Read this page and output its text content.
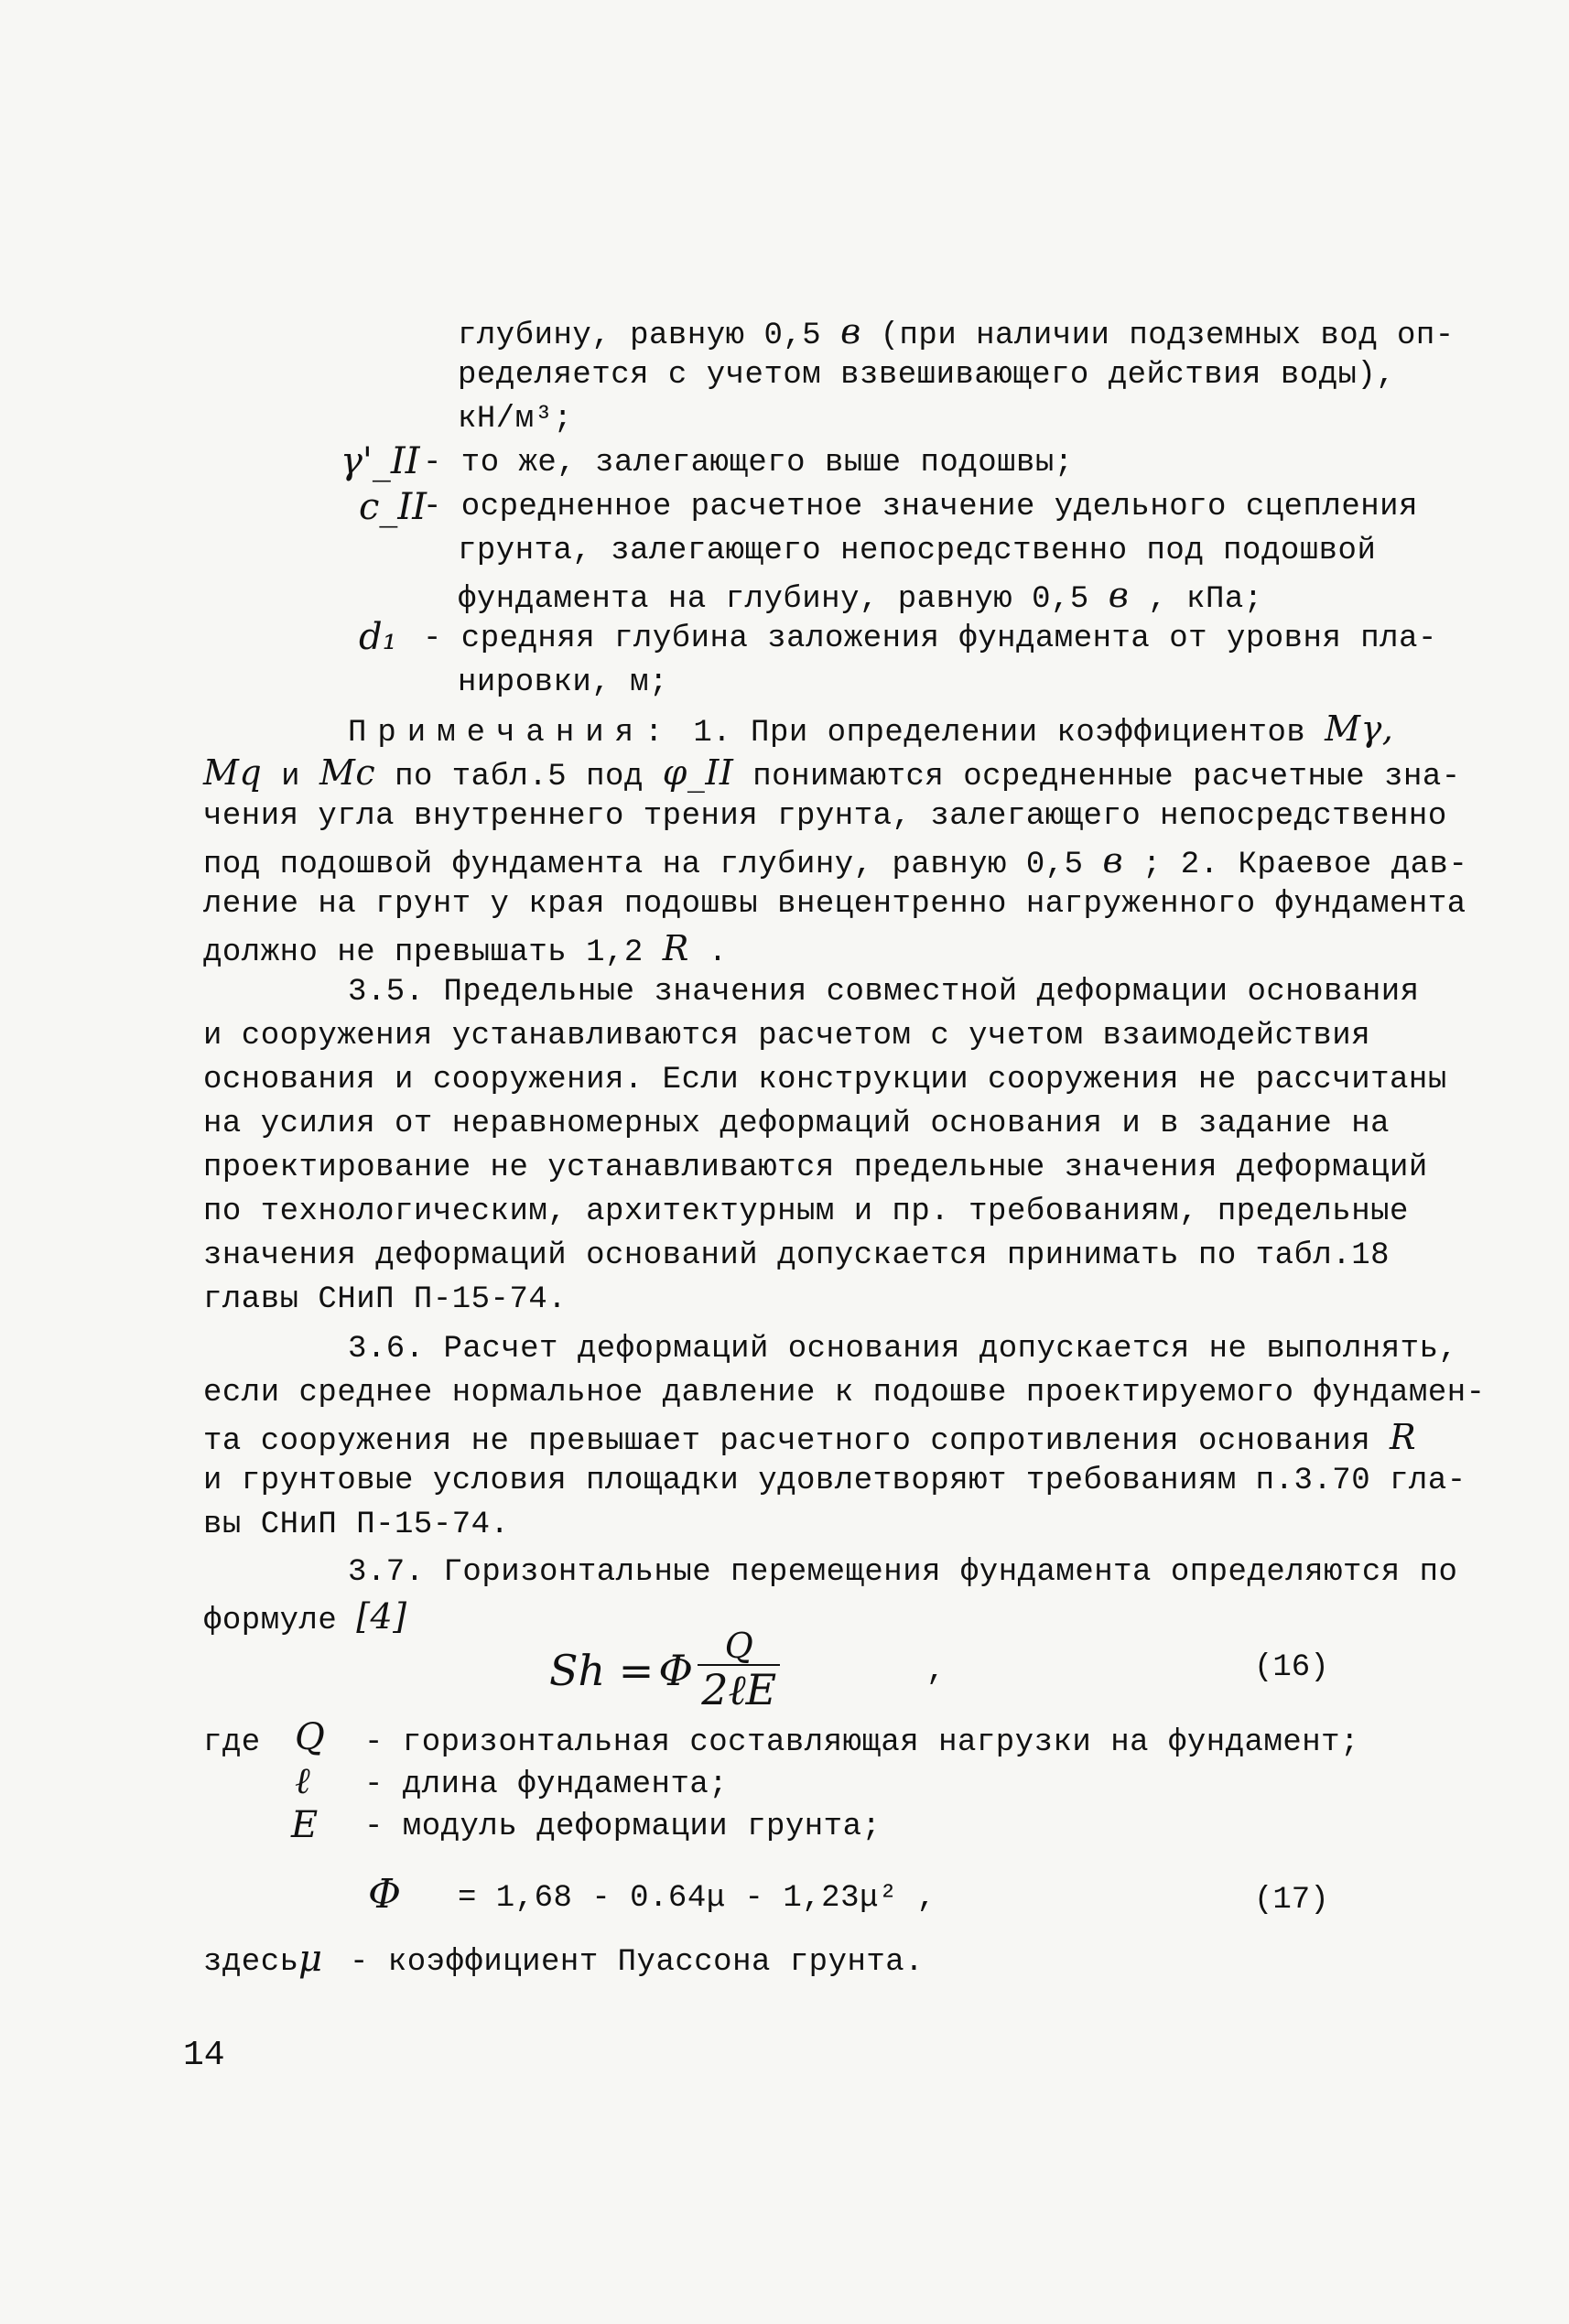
глубину, равную 0,5 в (при наличии подземных вод оп-
ределяется с учетом взвешивающего действия воды),
кН/м³;
γ'_II - то же, залегающего выше подошвы;
c_II
- осредненное расчетное значение удельного сцепления
грунта, залегающего непосредственно под подошвой
фундамента на глубину, равную 0,5 в , кПа;
d₁ - средняя глубина заложения фундамента от уровня пла-
нировки, м;
Примечания: 1. При определении коэффициентов Mγ,
Mq и Mc по табл.5 под φ_II понимаются осредненные расчетные зна-
чения угла внутреннего трения грунта, залегающего непосредственно
под подошвой фундамента на глубину, равную 0,5 в ; 2. Краевое дав-
ление на грунт у края подошвы внецентренно нагруженного фундамента
должно не превышать 1,2 R .
3.5. Предельные значения совместной деформации основания
и сооружения устанавливаются расчетом с учетом взаимодействия
основания и сооружения. Если конструкции сооружения не рассчитаны
на усилия от неравномерных деформаций основания и в задание на
проектирование не устанавливаются предельные значения деформаций
по технологическим, архитектурным и пр. требованиям, предельные
значения деформаций оснований допускается принимать по табл.18
главы СНиП П-15-74.
3.6. Расчет деформаций основания допускается не выполнять,
если среднее нормальное давление к подошве проектируемого фундамен-
та сооружения не превышает расчетного сопротивления основания R
и грунтовые условия площадки удовлетворяют требованиям п.3.70 гла-
вы СНиП П-15-74.
3.7. Горизонтальные перемещения фундамента определяются по
формуле [4]
Sh = Φ $\frac{Q}{\text{2ℓE}}$	,	(16)
где Q - горизонтальная составляющая нагрузки на фундамент;
ℓ - длина фундамента;
E - модуль деформации грунта;
Φ = 1,68 - 0.64μ - 1,23μ² ,	(17)
здесь μ - коэффициент Пуассона грунта.
14
